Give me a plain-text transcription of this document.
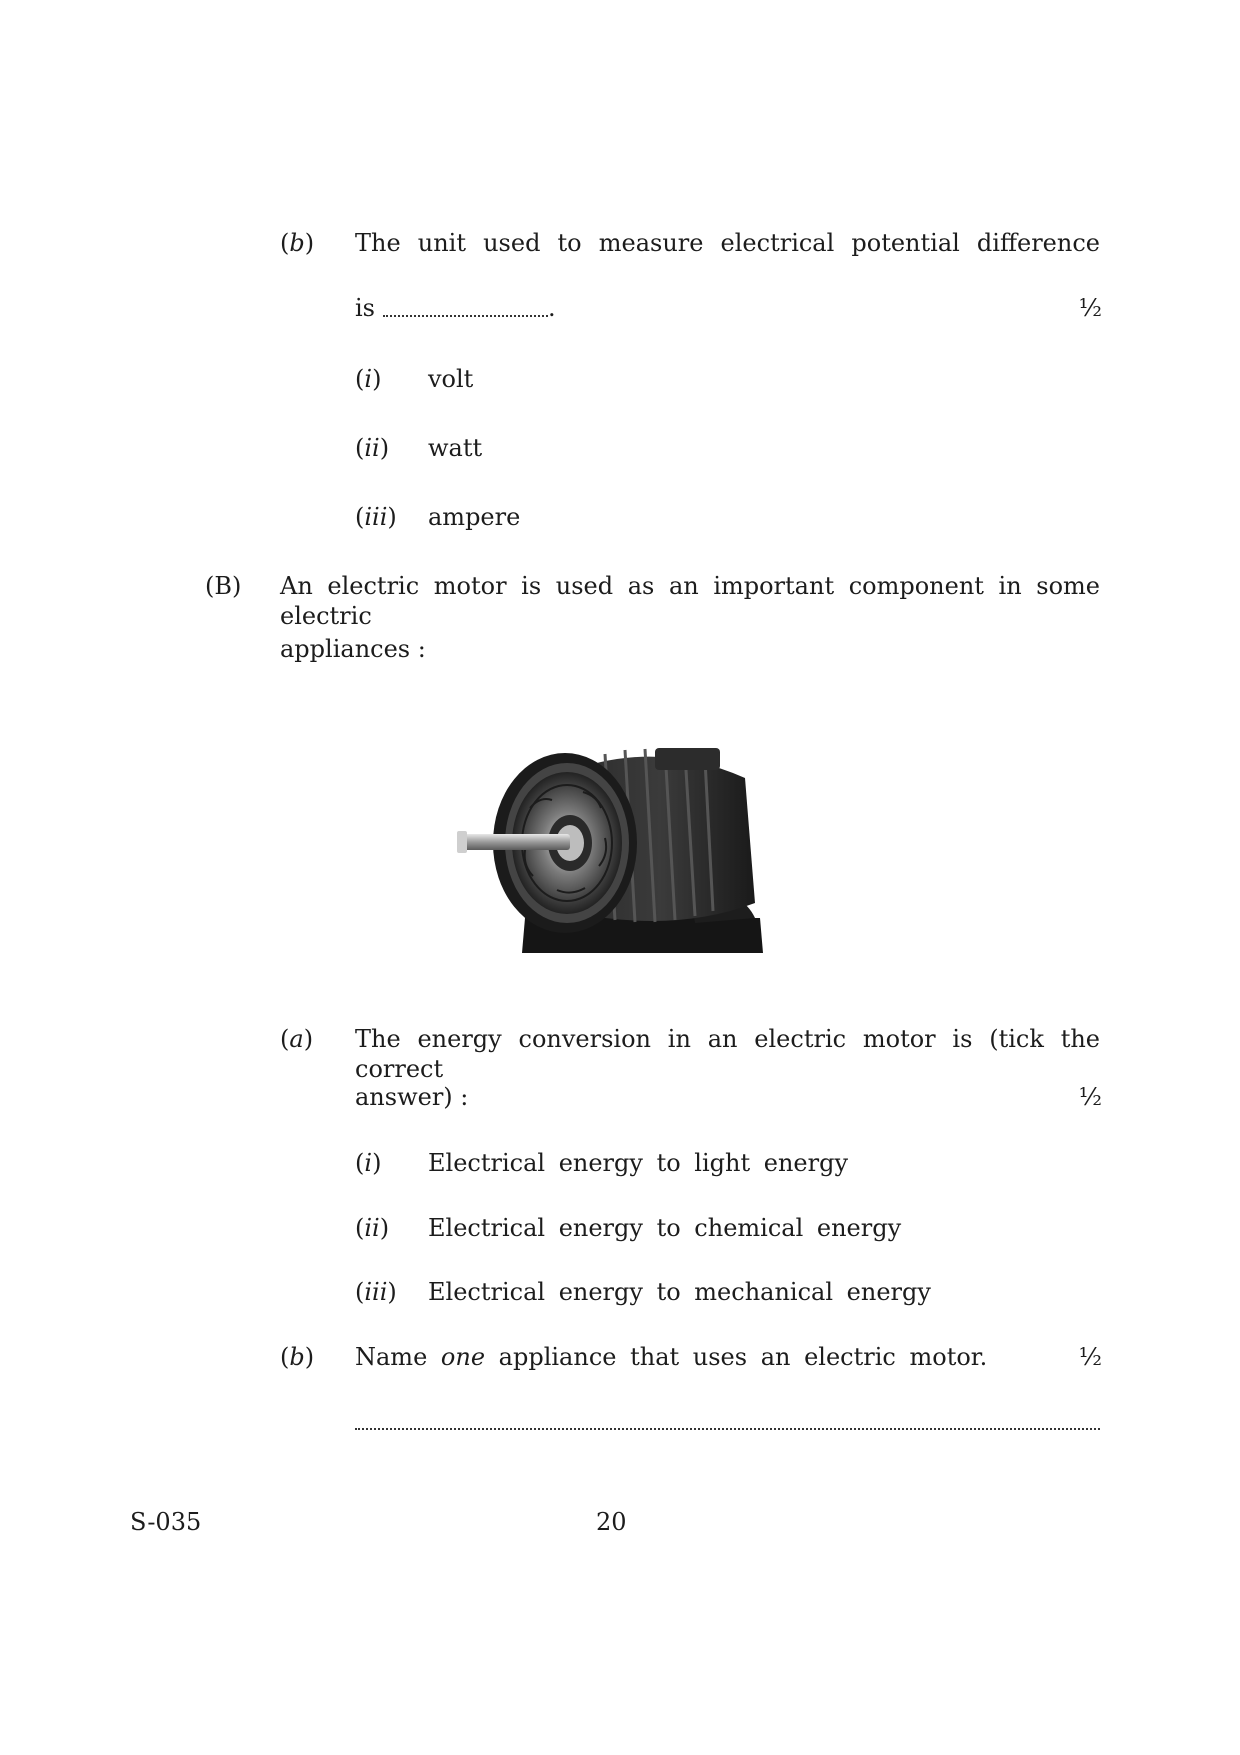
(b) The unit used to measure electrical potential difference
is	.	½
(i) volt
(ii) watt
(iii) ampere
(B) An electric motor is used as an important component in some electric
appliances :
(a) The energy conversion in an electric motor is (tick the correct
answer) :	½
(i) Electrical energy to light energy
(ii) Electrical energy to chemical energy
(iii) Electrical energy to mechanical energy
(b) Name one appliance that uses an electric motor.	½
S-035	20
